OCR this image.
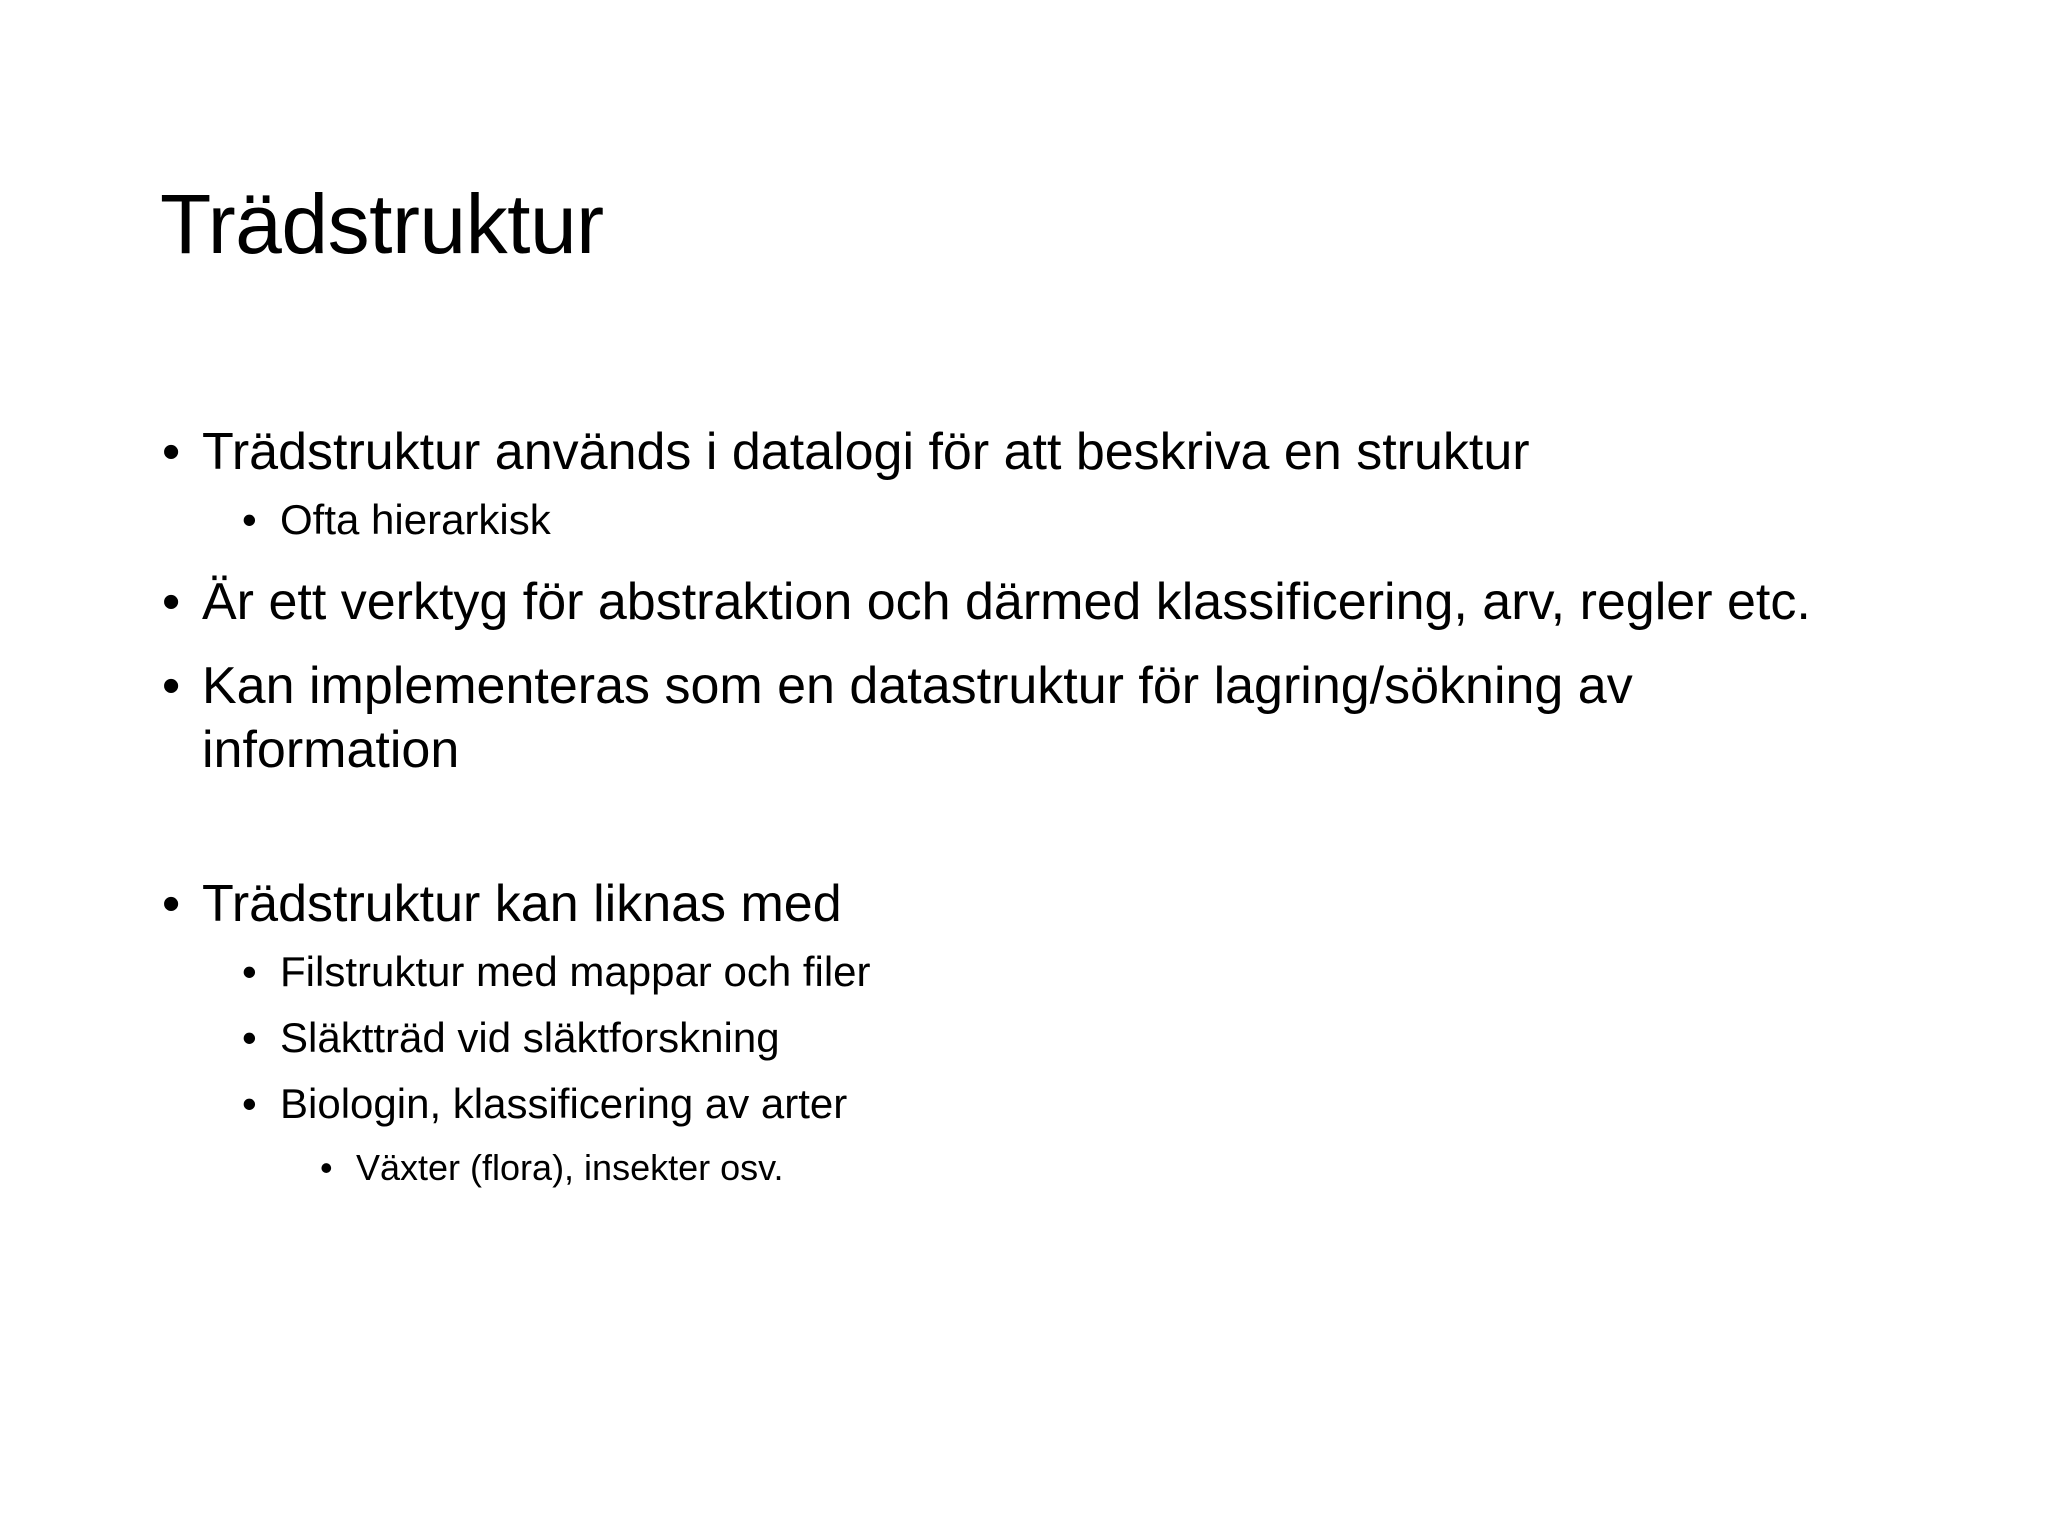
Trädstruktur

• Trädstruktur används i datalogi för att beskriva en struktur

• Ofta hierarkisk

• Är ett verktyg för abstraktion och därmed klassificering, arv, regler etc.

• Kan implementeras som en datastruktur för lagring/sökning av information

• Trädstruktur kan liknas med

• Filstruktur med mappar och filer

• Släktträd vid släktforskning

• Biologin, klassificering av arter

• Växter (flora), insekter osv.
